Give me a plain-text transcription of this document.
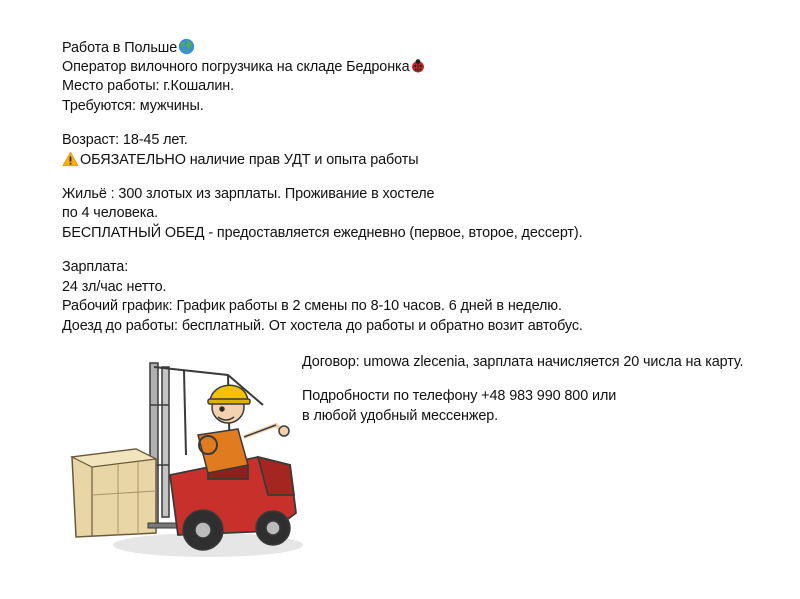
Работа в Польше
Оператор вилочного погрузчика на складе Бедронка
Место работы: г.Кошалин.
Требуются: мужчины.
Возраст: 18-45 лет.
ОБЯЗАТЕЛЬНО наличие прав УДТ и опыта работы
Жильё : 300 злотых из зарплаты. Проживание в хостеле
по 4 человека.
БЕСПЛАТНЫЙ ОБЕД - предоставляется ежедневно (первое, второе, дессерт).
Зарплата:
24 зл/час нетто.
Рабочий график: График работы в 2 смены по 8-10 часов. 6 дней в неделю.
Доезд до работы: бесплатный. От хостела до работы и обратно возит автобус.
Договор: umowa zlecenia, зарплата начисляется 20 числа на карту.
Подробности по телефону +48 983 990 800 или
в любой удобный мессенжер.
